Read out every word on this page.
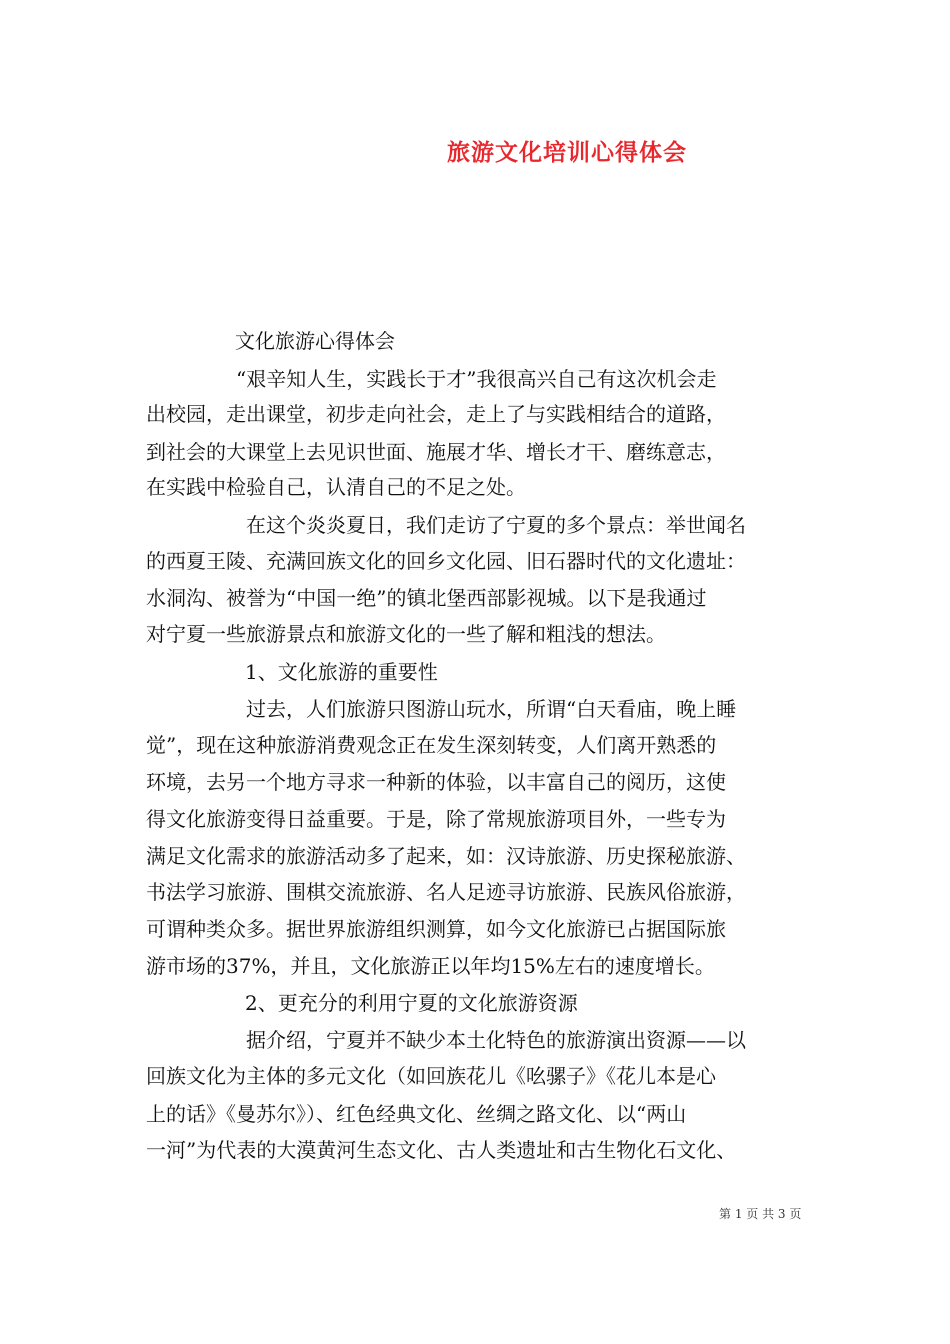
旅游文化培训心得体会
文化旅游心得体会
“艰辛知人生，实践长于才”我很高兴自己有这次机会走
出校园，走出课堂，初步走向社会，走上了与实践相结合的道路，
到社会的大课堂上去见识世面、施展才华、增长才干、磨练意志，
在实践中检验自己，认清自己的不足之处。
在这个炎炎夏日，我们走访了宁夏的多个景点：举世闻名
的西夏王陵、充满回族文化的回乡文化园、旧石器时代的文化遗址：
水洞沟、被誉为“中国一绝”的镇北堡西部影视城。以下是我通过
对宁夏一些旅游景点和旅游文化的一些了解和粗浅的想法。
1、文化旅游的重要性
过去，人们旅游只图游山玩水，所谓“白天看庙，晚上睡
觉”，现在这种旅游消费观念正在发生深刻转变，人们离开熟悉的
环境，去另一个地方寻求一种新的体验，以丰富自己的阅历，这使
得文化旅游变得日益重要。于是，除了常规旅游项目外，一些专为
满足文化需求的旅游活动多了起来，如：汉诗旅游、历史探秘旅游、
书法学习旅游、围棋交流旅游、名人足迹寻访旅游、民族风俗旅游，
可谓种类众多。据世界旅游组织测算，如今文化旅游已占据国际旅
游市场的37%，并且，文化旅游正以年均15%左右的速度增长。
2、更充分的利用宁夏的文化旅游资源
据介绍，宁夏并不缺少本土化特色的旅游演出资源——以
回族文化为主体的多元文化（如回族花儿《吆骡子》《花儿本是心
上的话》《曼苏尔》）、红色经典文化、丝绸之路文化、以“两山
一河”为代表的大漠黄河生态文化、古人类遗址和古生物化石文化、
第 1 页 共 3 页
